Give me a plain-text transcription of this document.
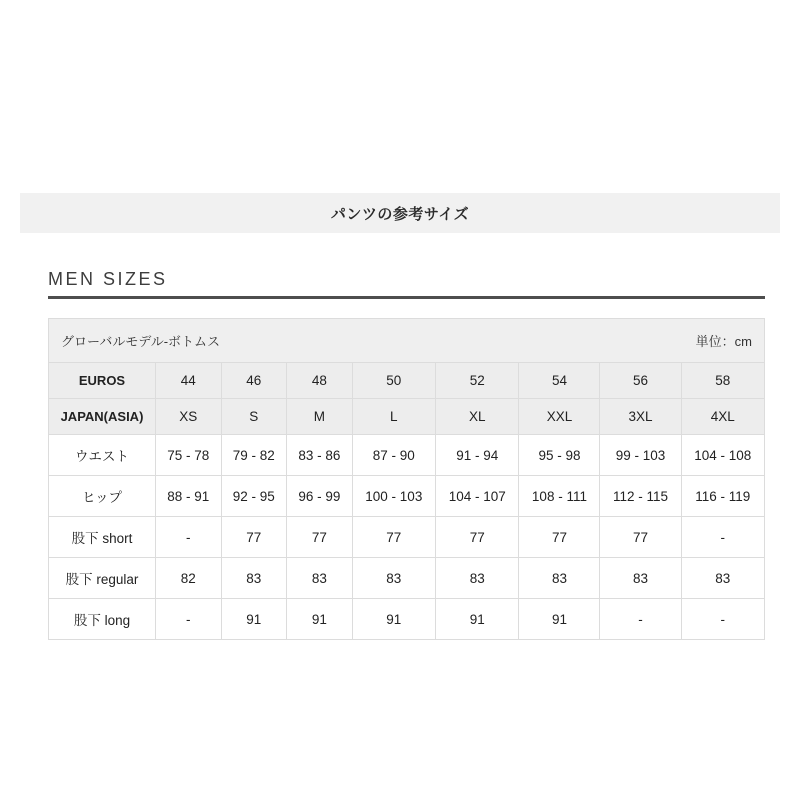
パンツの参考サイズ
MEN SIZES
グローバルモデル-ボトムス 単位：cm								

EUROS	44	46	48	50	52	54	56	58
JAPAN(ASIA)	XS	S	M	L	XL	XXL	3XL	4XL
ウエスト	75 - 78	79 - 82	83 - 86	87 - 90	91 - 94	95 - 98	99 - 103	104 - 108
ヒップ	88 - 91	92 - 95	96 - 99	100 - 103	104 - 107	108 - 111	112 - 115	116 - 119
股下 short	-	77	77	77	77	77	77	-
股下 regular	82	83	83	83	83	83	83	83
股下 long	-	91	91	91	91	91	-	-
